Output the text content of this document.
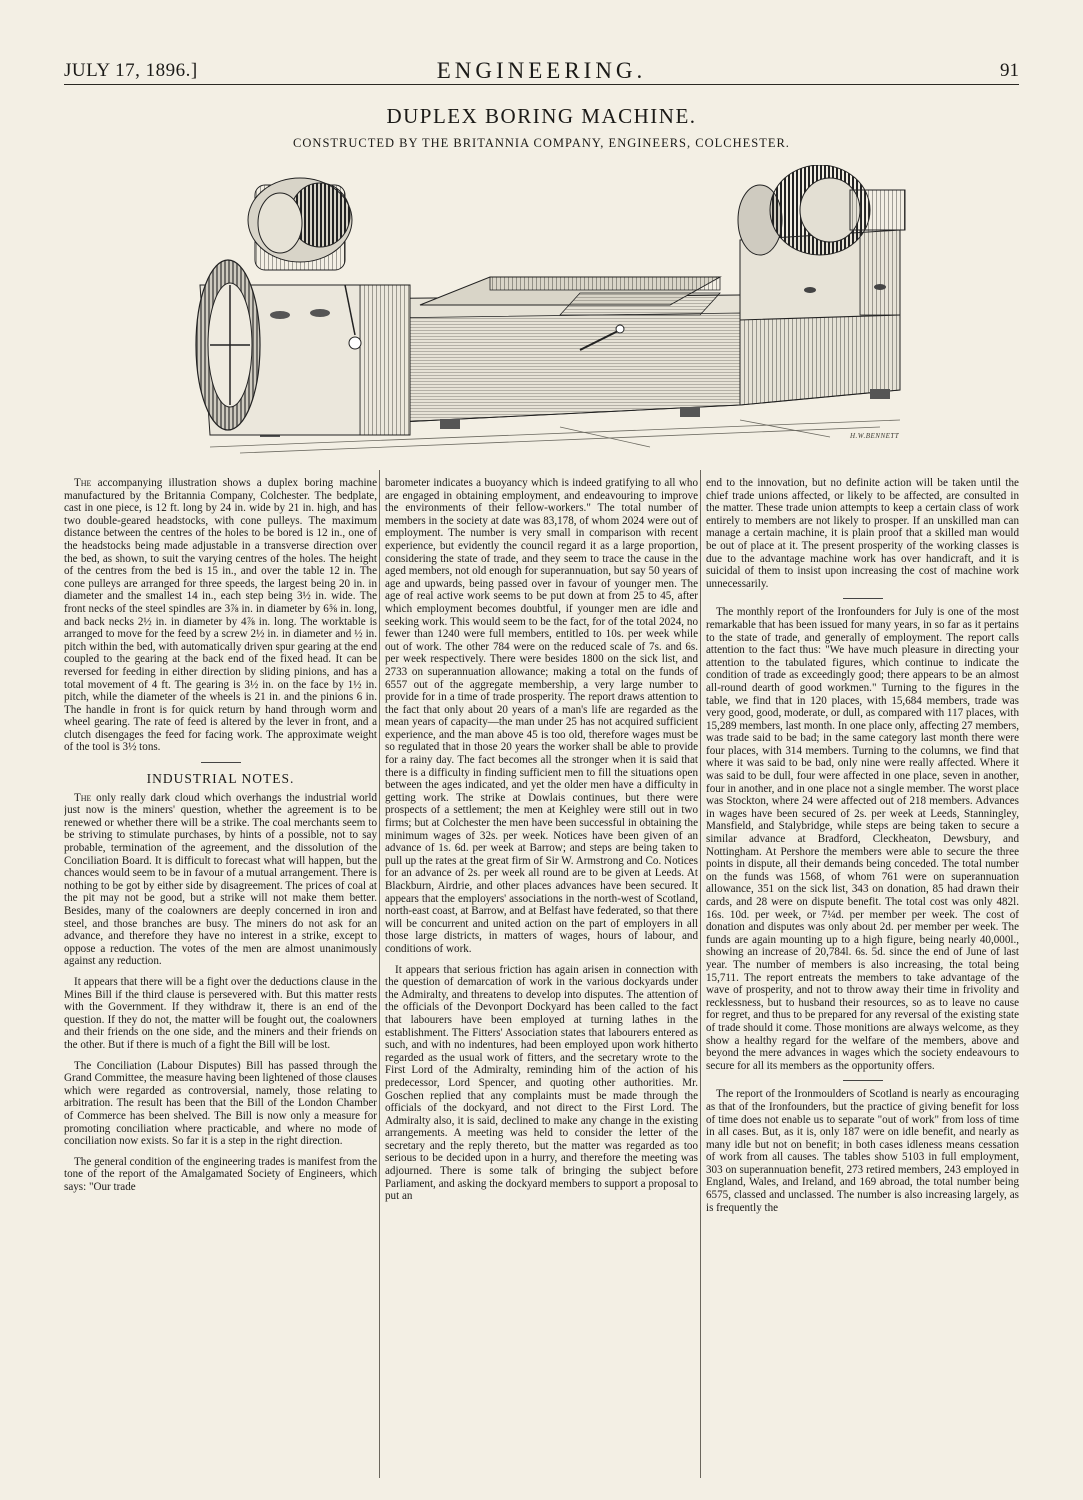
JULY 17, 1896.]	ENGINEERING.	91
DUPLEX BORING MACHINE.
CONSTRUCTED BY THE BRITANNIA COMPANY, ENGINEERS, COLCHESTER.
H.W.BENNETT

The accompanying illustration shows a duplex boring machine manufactured by the Britannia Company, Colchester. The bedplate, cast in one piece, is 12 ft. long by 24 in. wide by 21 in. high, and has two double-geared headstocks, with cone pulleys. The maximum distance between the centres of the holes to be bored is 12 in., one of the headstocks being made adjustable in a transverse direction over the bed, as shown, to suit the varying centres of the holes. The height of the centres from the bed is 15 in., and over the table 12 in. The cone pulleys are arranged for three speeds, the largest being 20 in. in diameter and the smallest 14 in., each step being 3½ in. wide. The front necks of the steel spindles are 3⅞ in. in diameter by 6⅝ in. long, and back necks 2½ in. in diameter by 4⅞ in. long. The worktable is arranged to move for the feed by a screw 2½ in. in diameter and ½ in. pitch within the bed, with automatically driven spur gearing at the end coupled to the gearing at the back end of the fixed head. It can be reversed for feeding in either direction by sliding pinions, and has a total movement of 4 ft. The gearing is 3½ in. on the face by 1½ in. pitch, while the diameter of the wheels is 21 in. and the pinions 6 in. The handle in front is for quick return by hand through worm and wheel gearing. The rate of feed is altered by the lever in front, and a clutch disengages the feed for facing work. The approximate weight of the tool is 3½ tons.

INDUSTRIAL NOTES.

The only really dark cloud which overhangs the industrial world just now is the miners' question, whether the agreement is to be renewed or whether there will be a strike. The coal merchants seem to be striving to stimulate purchases, by hints of a possible, not to say probable, termination of the agreement, and the dissolution of the Conciliation Board. It is difficult to forecast what will happen, but the chances would seem to be in favour of a mutual arrangement. There is nothing to be got by either side by disagreement. The prices of coal at the pit may not be good, but a strike will not make them better. Besides, many of the coalowners are deeply concerned in iron and steel, and those branches are busy. The miners do not ask for an advance, and therefore they have no interest in a strike, except to oppose a reduction. The votes of the men are almost unanimously against any reduction.

It appears that there will be a fight over the deductions clause in the Mines Bill if the third clause is persevered with. But this matter rests with the Government. If they withdraw it, there is an end of the question. If they do not, the matter will be fought out, the coalowners and their friends on the one side, and the miners and their friends on the other. But if there is much of a fight the Bill will be lost.

The Conciliation (Labour Disputes) Bill has passed through the Grand Committee, the measure having been lightened of those clauses which were regarded as controversial, namely, those relating to arbitration. The result has been that the Bill of the London Chamber of Commerce has been shelved. The Bill is now only a measure for promoting conciliation where practicable, and where no mode of conciliation now exists. So far it is a step in the right direction.

The general condition of the engineering trades is manifest from the tone of the report of the Amalgamated Society of Engineers, which says: "Our trade

barometer indicates a buoyancy which is indeed gratifying to all who are engaged in obtaining employment, and endeavouring to improve the environments of their fellow-workers." The total number of members in the society at date was 83,178, of whom 2024 were out of employment. The number is very small in comparison with recent experience, but evidently the council regard it as a large proportion, considering the state of trade, and they seem to trace the cause in the aged members, not old enough for superannuation, but say 50 years of age and upwards, being passed over in favour of younger men. The age of real active work seems to be put down at from 25 to 45, after which employment becomes doubtful, if younger men are idle and seeking work. This would seem to be the fact, for of the total 2024, no fewer than 1240 were full members, entitled to 10s. per week while out of work. The other 784 were on the reduced scale of 7s. and 6s. per week respectively. There were besides 1800 on the sick list, and 2733 on superannuation allowance; making a total on the funds of 6557 out of the aggregate membership, a very large number to provide for in a time of trade prosperity. The report draws attention to the fact that only about 20 years of a man's life are regarded as the mean years of capacity—the man under 25 has not acquired sufficient experience, and the man above 45 is too old, therefore wages must be so regulated that in those 20 years the worker shall be able to provide for a rainy day. The fact becomes all the stronger when it is said that there is a difficulty in finding sufficient men to fill the situations open between the ages indicated, and yet the older men have a difficulty in getting work. The strike at Dowlais continues, but there were prospects of a settlement; the men at Keighley were still out in two firms; but at Colchester the men have been successful in obtaining the minimum wages of 32s. per week. Notices have been given of an advance of 1s. 6d. per week at Barrow; and steps are being taken to pull up the rates at the great firm of Sir W. Armstrong and Co. Notices for an advance of 2s. per week all round are to be given at Leeds. At Blackburn, Airdrie, and other places advances have been secured. It appears that the employers' associations in the north-west of Scotland, north-east coast, at Barrow, and at Belfast have federated, so that there will be concurrent and united action on the part of employers in all those large districts, in matters of wages, hours of labour, and conditions of work.

It appears that serious friction has again arisen in connection with the question of demarcation of work in the various dockyards under the Admiralty, and threatens to develop into disputes. The attention of the officials of the Devonport Dockyard has been called to the fact that labourers have been employed at turning lathes in the establishment. The Fitters' Association states that labourers entered as such, and with no indentures, had been employed upon work hitherto regarded as the usual work of fitters, and the secretary wrote to the First Lord of the Admiralty, reminding him of the action of his predecessor, Lord Spencer, and quoting other authorities. Mr. Goschen replied that any complaints must be made through the officials of the dockyard, and not direct to the First Lord. The Admiralty also, it is said, declined to make any change in the existing arrangements. A meeting was held to consider the letter of the secretary and the reply thereto, but the matter was regarded as too serious to be decided upon in a hurry, and therefore the meeting was adjourned. There is some talk of bringing the subject before Parliament, and asking the dockyard members to support a proposal to put an

end to the innovation, but no definite action will be taken until the chief trade unions affected, or likely to be affected, are consulted in the matter. These trade union attempts to keep a certain class of work entirely to members are not likely to prosper. If an unskilled man can manage a certain machine, it is plain proof that a skilled man would be out of place at it. The present prosperity of the working classes is due to the advantage machine work has over handicraft, and it is suicidal of them to insist upon increasing the cost of machine work unnecessarily.

The monthly report of the Ironfounders for July is one of the most remarkable that has been issued for many years, in so far as it pertains to the state of trade, and generally of employment. The report calls attention to the fact thus: "We have much pleasure in directing your attention to the tabulated figures, which continue to indicate the condition of trade as exceedingly good; there appears to be an almost all-round dearth of good workmen." Turning to the figures in the table, we find that in 120 places, with 15,684 members, trade was very good, good, moderate, or dull, as compared with 117 places, with 15,289 members, last month. In one place only, affecting 27 members, was trade said to be bad; in the same category last month there were four places, with 314 members. Turning to the columns, we find that where it was said to be bad, only nine were really affected. Where it was said to be dull, four were affected in one place, seven in another, four in another, and in one place not a single member. The worst place was Stockton, where 24 were affected out of 218 members. Advances in wages have been secured of 2s. per week at Leeds, Stanningley, Mansfield, and Stalybridge, while steps are being taken to secure a similar advance at Bradford, Cleckheaton, Dewsbury, and Nottingham. At Pershore the members were able to secure the three points in dispute, all their demands being conceded. The total number on the funds was 1568, of whom 761 were on superannuation allowance, 351 on the sick list, 343 on donation, 85 had drawn their cards, and 28 were on dispute benefit. The total cost was only 482l. 16s. 10d. per week, or 7¼d. per member per week. The cost of donation and disputes was only about 2d. per member per week. The funds are again mounting up to a high figure, being nearly 40,000l., showing an increase of 20,784l. 6s. 5d. since the end of June of last year. The number of members is also increasing, the total being 15,711. The report entreats the members to take advantage of the wave of prosperity, and not to throw away their time in frivolity and recklessness, but to husband their resources, so as to leave no cause for regret, and thus to be prepared for any reversal of the existing state of trade should it come. Those monitions are always welcome, as they show a healthy regard for the welfare of the members, above and beyond the mere advances in wages which the society endeavours to secure for all its members as the opportunity offers.

The report of the Ironmoulders of Scotland is nearly as encouraging as that of the Ironfounders, but the practice of giving benefit for loss of time does not enable us to separate "out of work" from loss of time in all cases. But, as it is, only 187 were on idle benefit, and nearly as many idle but not on benefit; in both cases idleness means cessation of work from all causes. The tables show 5103 in full employment, 303 on superannuation benefit, 273 retired members, 243 employed in England, Wales, and Ireland, and 169 abroad, the total number being 6575, classed and unclassed. The number is also increasing largely, as is frequently the
